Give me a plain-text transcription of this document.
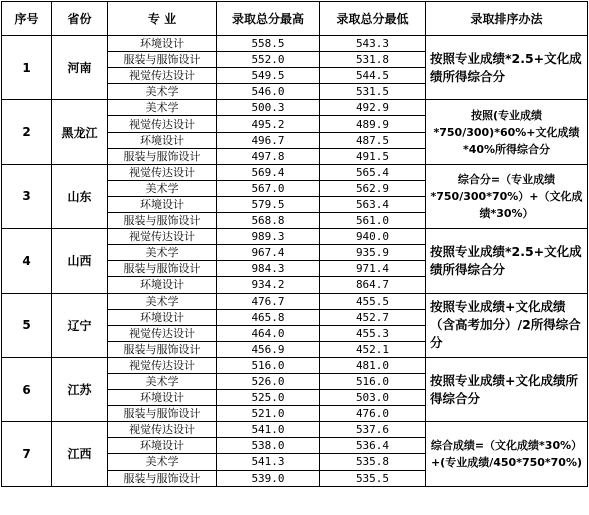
序号	省份	专 业	录取总分最高	录取总分最低	录取排序办法
1	河南	环境设计	558.5	543.3	按照专业成绩*2.5+文化成绩所得综合分
		服装与服饰设计	552.0	531.8	
		视觉传达设计	549.5	544.5	
		美术学	546.0	531.5	
2	黑龙江	美术学	500.3	492.9	按照(专业成绩*750/300)*60%+文化成绩*40%所得综合分
		视觉传达设计	495.2	489.9	
		环境设计	496.7	487.5	
		服装与服饰设计	497.8	491.5	
3	山东	视觉传达设计	569.4	565.4	综合分=（专业成绩*750/300*70%）+（文化成绩*30%）
		美术学	567.0	562.9	
		环境设计	579.5	563.4	
		服装与服饰设计	568.8	561.0	
4	山西	视觉传达设计	989.3	940.0	按照专业成绩*2.5+文化成绩所得综合分
		美术学	967.4	935.9	
		服装与服饰设计	984.3	971.4	
		环境设计	934.2	864.7	
5	辽宁	美术学	476.7	455.5	按照专业成绩+文化成绩（含高考加分）/2所得综合分
		环境设计	465.8	452.7	
		视觉传达设计	464.0	455.3	
		服装与服饰设计	456.9	452.1	
6	江苏	视觉传达设计	516.0	481.0	按照专业成绩+文化成绩所得综合分
		美术学	526.0	516.0	
		环境设计	525.0	503.0	
		服装与服饰设计	521.0	476.0	
7	江西	视觉传达设计	541.0	537.6	综合成绩=（文化成绩*30%）+(专业成绩/450*750*70%)
		环境设计	538.0	536.4	
		美术学	541.3	535.8	
		服装与服饰设计	539.0	535.5	
